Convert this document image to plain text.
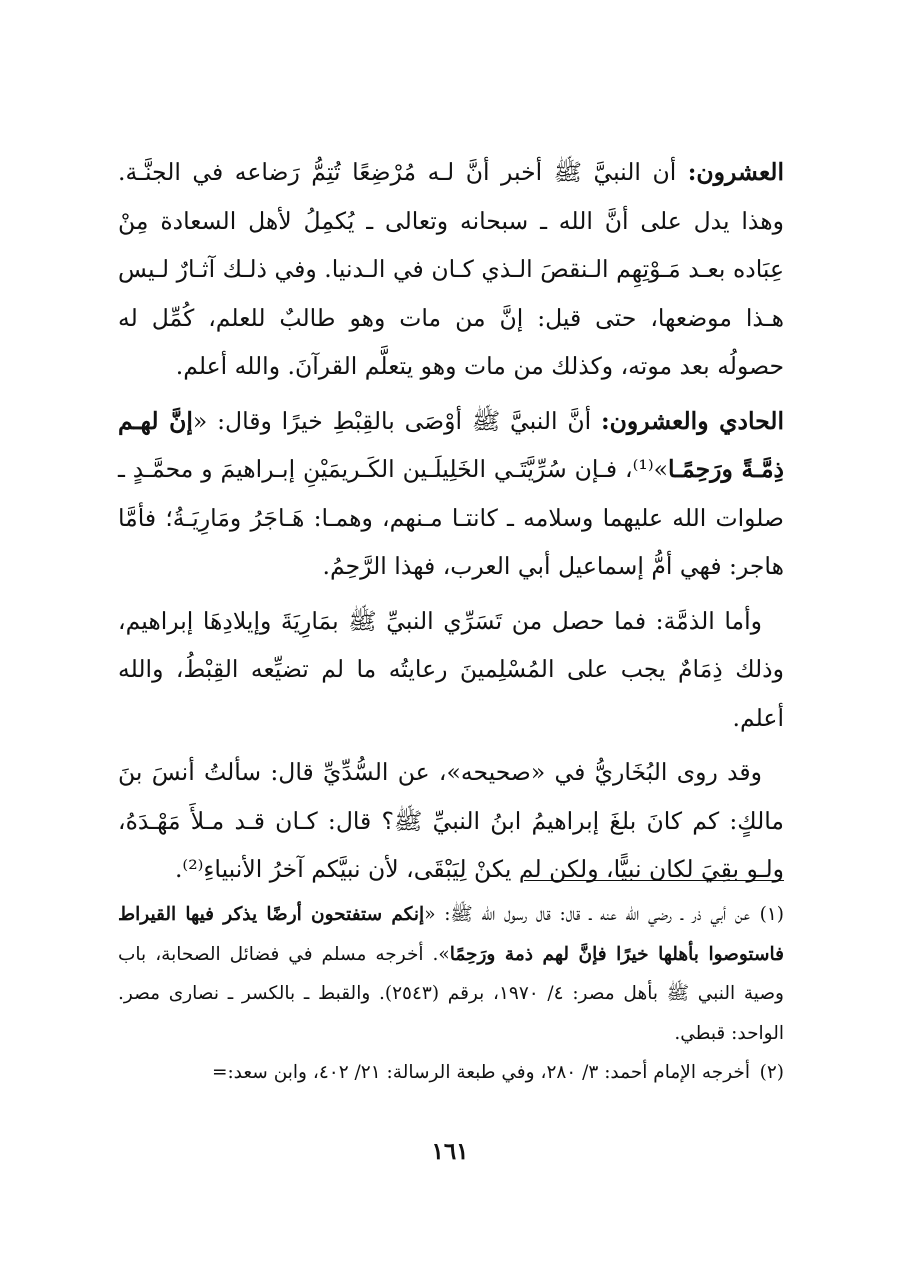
العشرون: أن النبيَّ ﷺ أخبر أنَّ لـه مُرْضِعًا تُتِمُّ رَضاعه في الجنَّـة. وهذا يدل على أنَّ الله ـ سبحانه وتعالى ـ يُكمِلُ لأهل السعادة مِنْ عِبَاده بعـد مَـوْتِهِم الـنقصَ الـذي كـان في الـدنيا. وفي ذلـك آثـارٌ لـيس هـذا موضعها، حتى قيل: إنَّ من مات وهو طالبٌ للعلم، كُمِّل له حصولُه بعد موته، وكذلك من مات وهو يتعلَّم القرآنَ. والله أعلم.

الحادي والعشرون: أنَّ النبيَّ ﷺ أوْصَى بالقِبْطِ خيرًا وقال: «إنَّ لهـم ذِمَّـةً ورَحِمًـا»⁽¹⁾، فـإن سُرِّيَّتَـي الخَلِيلَـين الكَـريمَيْنِ إبـراهيمَ و محمَّـدٍ ـ صلوات الله عليهما وسلامه ـ كانتـا مـنهم، وهمـا: هَـاجَرُ ومَارِيَـةُ؛ فأمَّا هاجر: فهي أمُّ إسماعيل أبي العرب، فهذا الرَّحِمُ.

وأما الذمَّة: فما حصل من تَسَرِّي النبيِّ ﷺ بمَارِيَةَ وإيلادِهَا إبراهيم، وذلك ذِمَامٌ يجب على المُسْلِمينَ رعايتُه ما لم تضيِّعه القِبْطُ، والله أعلم.

وقد روى البُخَاريُّ في «صحيحه»، عن السُّدِّيِّ قال: سألتُ أنسَ بنَ مالكٍ: كم كانَ بلغَ إبراهيمُ ابنُ النبيِّ ﷺ؟ قال: كـان قـد مـلأَ مَهْـدَهُ، ولـو بقِيَ لكان نبيًّا، ولكن لم يكنْ لِيَبْقَى، لأن نبيَّكم آخرُ الأنبياءِ⁽²⁾.

(١)عن أبي ذر ـ رضي الله عنه ـ قال: قال رسول الله ﷺ: «إنكم ستفتحون أرضًا يذكر فيها القيراط فاستوصوا بأهلها خيرًا فإنَّ لهم ذمة ورَحِمًا». أخرجه مسلم في فضائل الصحابة، باب وصية النبي ﷺ بأهل مصر: ٤/ ١٩٧٠، برقم (٢٥٤٣). والقبط ـ بالكسر ـ نصارى مصر. الواحد: قبطي.

(٢)أخرجه الإمام أحمد: ٣/ ٢٨٠، وفي طبعة الرسالة: ٢١/ ٤٠٢، وابن سعد:=

١٦١
